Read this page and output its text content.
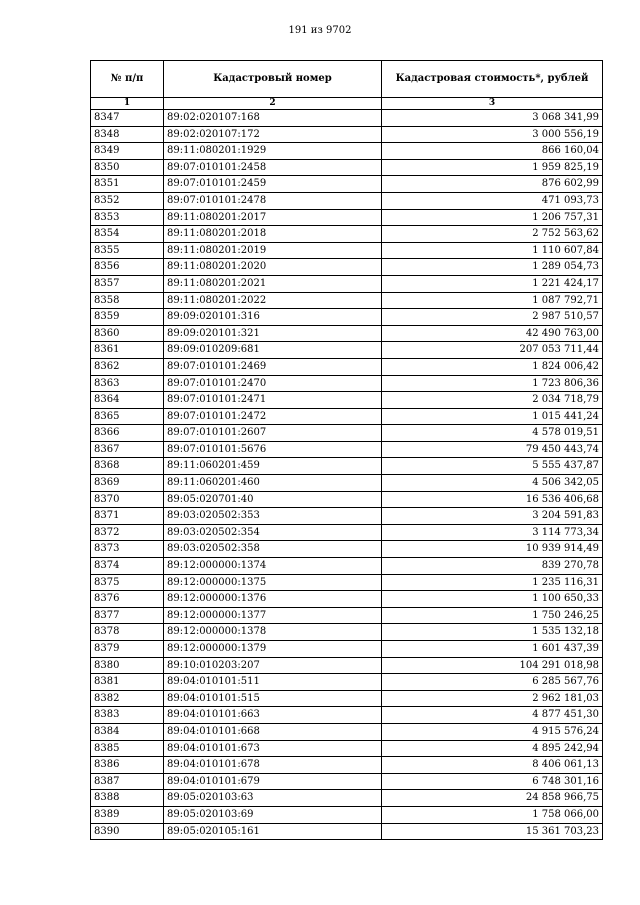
191 из 9702
№ п/п	Кадастровый номер	Кадастровая стоимость*, рублей
1	2	3
8347	89:02:020107:168	3 068 341,99
8348	89:02:020107:172	3 000 556,19
8349	89:11:080201:1929	866 160,04
8350	89:07:010101:2458	1 959 825,19
8351	89:07:010101:2459	876 602,99
8352	89:07:010101:2478	471 093,73
8353	89:11:080201:2017	1 206 757,31
8354	89:11:080201:2018	2 752 563,62
8355	89:11:080201:2019	1 110 607,84
8356	89:11:080201:2020	1 289 054,73
8357	89:11:080201:2021	1 221 424,17
8358	89:11:080201:2022	1 087 792,71
8359	89:09:020101:316	2 987 510,57
8360	89:09:020101:321	42 490 763,00
8361	89:09:010209:681	207 053 711,44
8362	89:07:010101:2469	1 824 006,42
8363	89:07:010101:2470	1 723 806,36
8364	89:07:010101:2471	2 034 718,79
8365	89:07:010101:2472	1 015 441,24
8366	89:07:010101:2607	4 578 019,51
8367	89:07:010101:5676	79 450 443,74
8368	89:11:060201:459	5 555 437,87
8369	89:11:060201:460	4 506 342,05
8370	89:05:020701:40	16 536 406,68
8371	89:03:020502:353	3 204 591,83
8372	89:03:020502:354	3 114 773,34
8373	89:03:020502:358	10 939 914,49
8374	89:12:000000:1374	839 270,78
8375	89:12:000000:1375	1 235 116,31
8376	89:12:000000:1376	1 100 650,33
8377	89:12:000000:1377	1 750 246,25
8378	89:12:000000:1378	1 535 132,18
8379	89:12:000000:1379	1 601 437,39
8380	89:10:010203:207	104 291 018,98
8381	89:04:010101:511	6 285 567,76
8382	89:04:010101:515	2 962 181,03
8383	89:04:010101:663	4 877 451,30
8384	89:04:010101:668	4 915 576,24
8385	89:04:010101:673	4 895 242,94
8386	89:04:010101:678	8 406 061,13
8387	89:04:010101:679	6 748 301,16
8388	89:05:020103:63	24 858 966,75
8389	89:05:020103:69	1 758 066,00
8390	89:05:020105:161	15 361 703,23
